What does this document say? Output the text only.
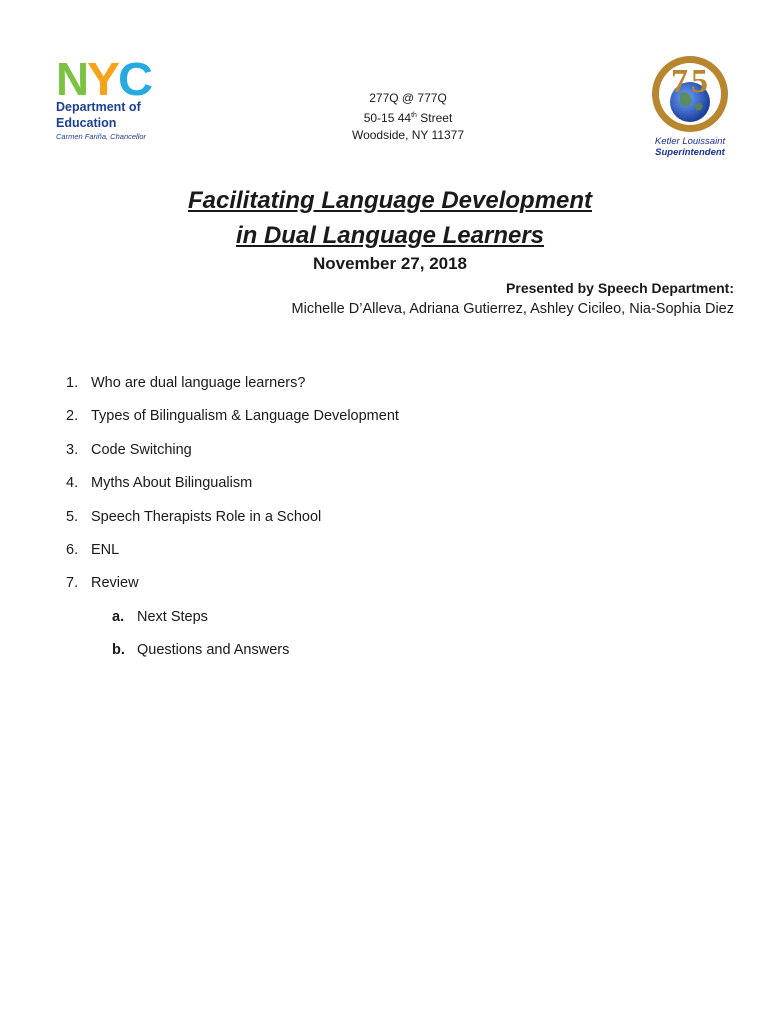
N
Y
C
Department of
Education
Carmen Fariña, Chancellor
277Q @ 777Q
50-15 44th Street
Woodside, NY 11377
7 5
Ketler Louissaint
Superintendent
Facilitating Language Development
in Dual Language Learners
November 27, 2018
Presented by Speech Department:
Michelle D’Alleva, Adriana Gutierrez, Ashley Cicileo, Nia-Sophia Diez
1. Who are dual language learners?
2. Types of Bilingualism & Language Development
3. Code Switching
4. Myths About Bilingualism
5. Speech Therapists Role in a School
6. ENL
7. Review
a. Next Steps
b. Questions and Answers
